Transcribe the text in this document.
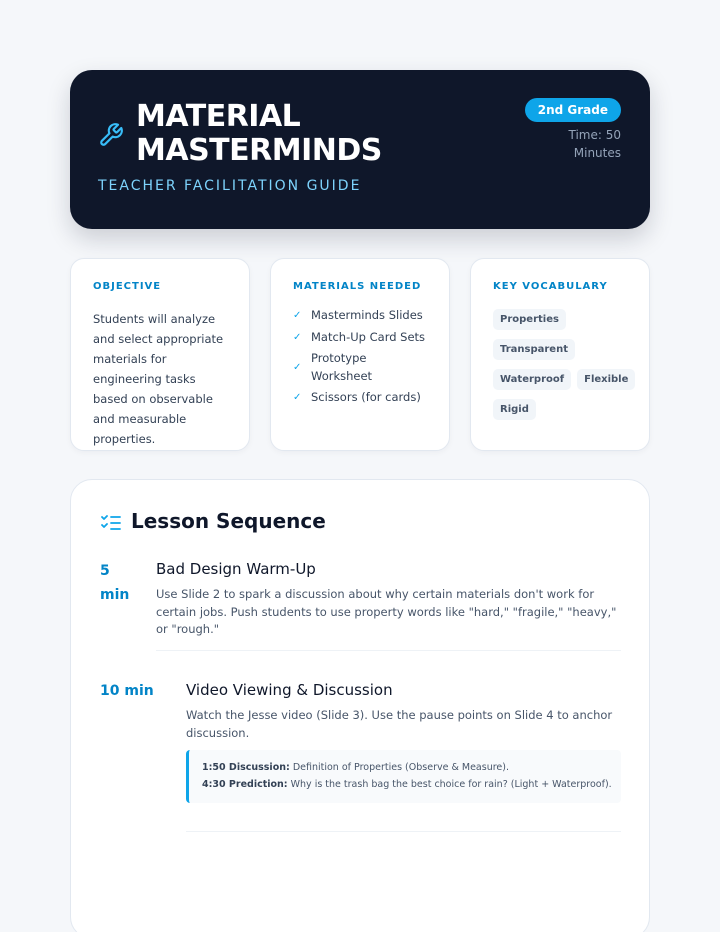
MATERIAL
MASTERMINDS
TEACHER FACILITATION GUIDE
2nd Grade
Time: 50 Minutes
OBJECTIVE
Students will analyze and select appropriate materials for engineering tasks based on observable and measurable properties.
MATERIALS NEEDED
✓ Masterminds Slides
✓ Match-Up Card Sets
✓
Prototype Worksheet
✓ Scissors (for cards)
KEY VOCABULARY
Properties
Transparent
Waterproof Flexible
Rigid
Lesson Sequence
5 min
Bad Design Warm-Up
Use Slide 2 to spark a discussion about why certain materials don't work for certain jobs. Push students to use property words like "hard," "fragile," "heavy," or "rough."
10 min Video Viewing & Discussion
Watch the Jesse video (Slide 3). Use the pause points on Slide 4 to anchor discussion.
1:50 Discussion: Definition of Properties (Observe & Measure).
4:30 Prediction: Why is the trash bag the best choice for rain? (Light + Waterproof).
